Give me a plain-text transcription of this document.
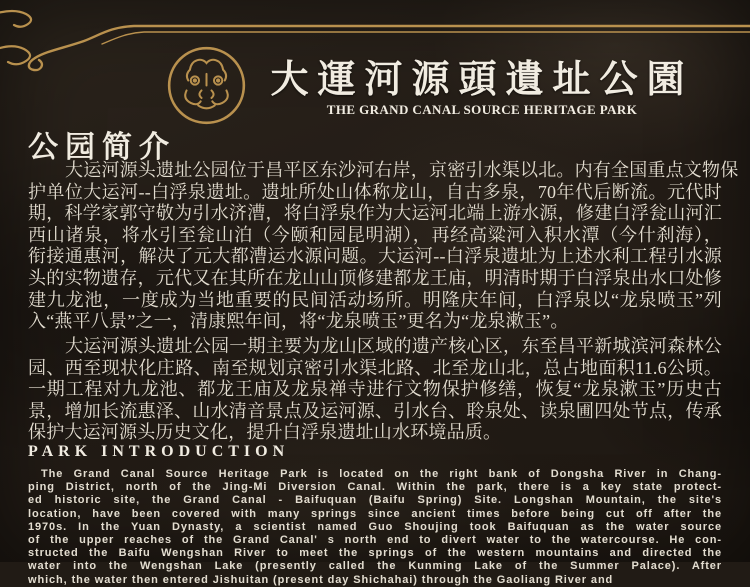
大運河源頭遺址公園
THE GRAND CANAL SOURCE HERITAGE PARK
公园简介
大运河源头遗址公园位于昌平区东沙河右岸，京密引水渠以北。内有全国重点文物保
护单位大运河--白浮泉遗址。遗址所处山体称龙山，自古多泉，70年代后断流。元代时
期，科学家郭守敬为引水济漕，将白浮泉作为大运河北端上游水源，修建白浮瓮山河汇
西山诸泉，将水引至瓮山泊（今颐和园昆明湖），再经高粱河入积水潭（今什刹海），
衔接通惠河，解决了元大都漕运水源问题。大运河--白浮泉遗址为上述水利工程引水源
头的实物遗存，元代又在其所在龙山山顶修建都龙王庙，明清时期于白浮泉出水口处修
建九龙池，一度成为当地重要的民间活动场所。明隆庆年间，白浮泉以“龙泉喷玉”列
入“燕平八景”之一，清康熙年间，将“龙泉喷玉”更名为“龙泉漱玉”。
大运河源头遗址公园一期主要为龙山区域的遗产核心区，东至昌平新城滨河森林公
园、西至现状化庄路、南至规划京密引水渠北路、北至龙山北，总占地面积11.6公顷。
一期工程对九龙池、都龙王庙及龙泉禅寺进行文物保护修缮，恢复“龙泉漱玉”历史古
景，增加长流惠泽、山水清音景点及运河源、引水台、聆泉处、读泉圃四处节点，传承
保护大运河源头历史文化，提升白浮泉遗址山水环境品质。
PARK INTRODUCTION
The Grand Canal Source Heritage Park is located on the right bank of Dongsha River in Chang-
ping District, north of the Jing-Mi Diversion Canal. Within the park, there is a key state protect-
ed historic site, the Grand Canal - Baifuquan (Baifu Spring) Site. Longshan Mountain, the site's
location, have been covered with many springs since ancient times before being cut off after the
1970s. In the Yuan Dynasty, a scientist named Guo Shoujing took Baifuquan as the water source
of the upper reaches of the Grand Canal' s north end to divert water to the watercourse. He con-
structed the Baifu Wengshan River to meet the springs of the western mountains and directed the
water into the Wengshan Lake (presently called the Kunming Lake of the Summer Palace). After
which, the water then entered Jishuitan (present day Shichahai) through the Gaoliang River and
